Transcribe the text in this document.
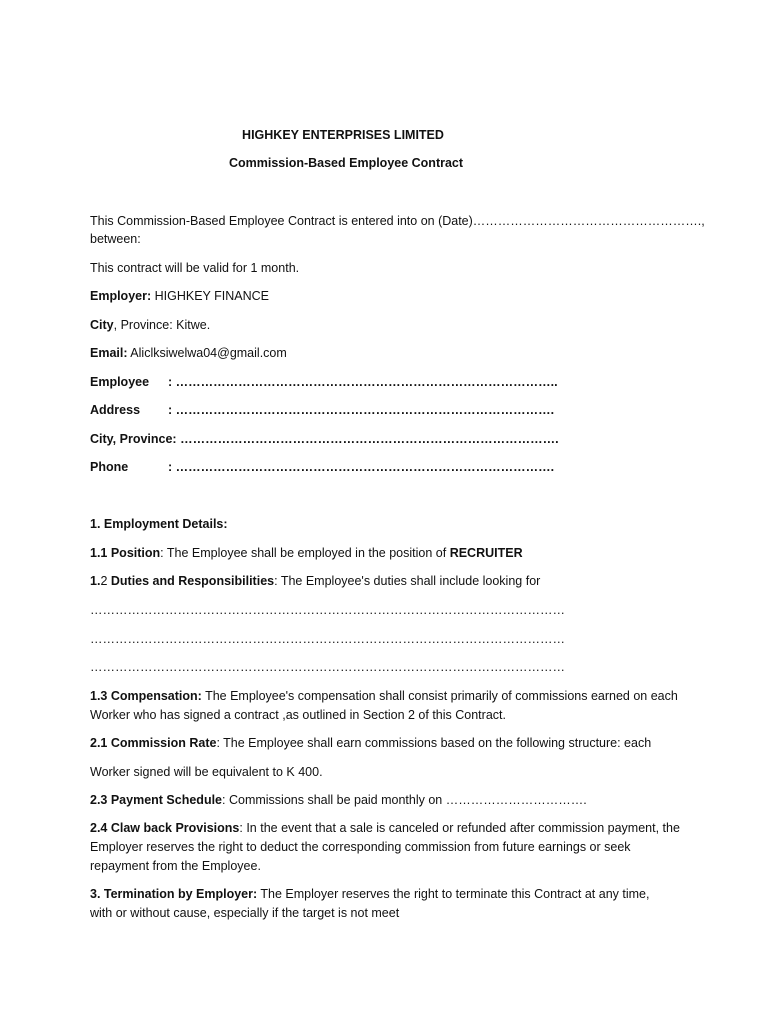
HIGHKEY ENTERPRISES LIMITED
Commission-Based Employee Contract
This Commission-Based Employee Contract is entered into on (Date)……………………………………………….,
between:
This contract will be valid for 1 month.
Employer: HIGHKEY FINANCE
City, Province: Kitwe.
Email: Aliclksiwelwa04@gmail.com
Employee : ………………………………………………………………………………..
Address : ……………………………………………………………………………….
City, Province: ……………………………………………………………………………….
Phone	: ……………………………………………………………………………….
1. Employment Details:
1.1 Position: The Employee shall be employed in the position of RECRUITER
1.2 Duties and Responsibilities: The Employee's duties shall include looking for
……………………………………………………………………………………………………
……………………………………………………………………………………………………
……………………………………………………………………………………………………
1.3 Compensation: The Employee's compensation shall consist primarily of commissions earned on each
Worker who has signed a contract ,as outlined in Section 2 of this Contract.
2.1 Commission Rate: The Employee shall earn commissions based on the following structure: each
Worker signed will be equivalent to K 400.
2.3 Payment Schedule: Commissions shall be paid monthly on …………………………….
2.4 Claw back Provisions: In the event that a sale is canceled or refunded after commission payment, the
Employer reserves the right to deduct the corresponding commission from future earnings or seek
repayment from the Employee.
3. Termination by Employer: The Employer reserves the right to terminate this Contract at any time,
with or without cause, especially if the target is not meet
